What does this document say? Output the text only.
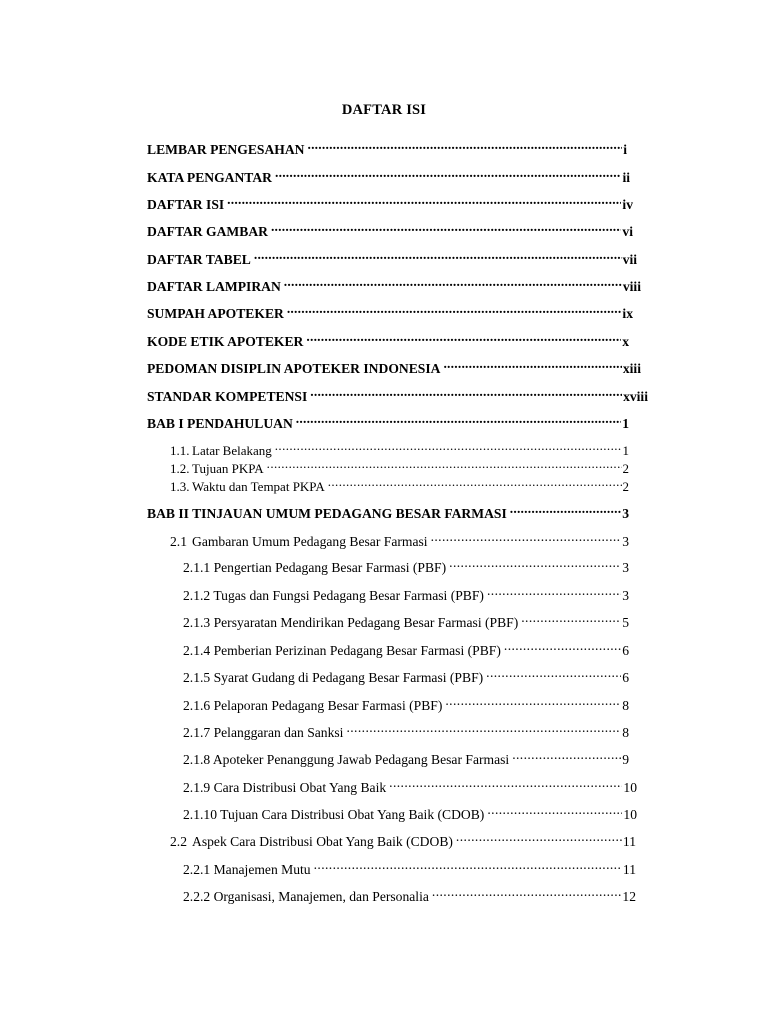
DAFTAR ISI
LEMBAR PENGESAHAN .....	i
KATA PENGANTAR .....	ii
DAFTAR ISI .....	iv
DAFTAR GAMBAR .....	vi
DAFTAR TABEL .....	vii
DAFTAR LAMPIRAN .....	viii
SUMPAH APOTEKER .....	ix
KODE ETIK APOTEKER .....	x
PEDOMAN DISIPLIN APOTEKER INDONESIA .....	xiii
STANDAR KOMPETENSI .....	xviii
BAB I PENDAHULUAN .....	1
1.1. Latar Belakang .....	1
1.2. Tujuan PKPA .....	2
1.3. Waktu dan Tempat PKPA .....	2
BAB II TINJAUAN UMUM PEDAGANG BESAR FARMASI .....	3
2.1 Gambaran Umum Pedagang Besar Farmasi .....	3
2.1.1 Pengertian Pedagang Besar Farmasi (PBF) .....	3
2.1.2 Tugas dan Fungsi Pedagang Besar Farmasi (PBF) .....	3
2.1.3 Persyaratan Mendirikan Pedagang Besar Farmasi (PBF) .....	5
2.1.4 Pemberian Perizinan Pedagang Besar Farmasi (PBF) .....	6
2.1.5 Syarat Gudang di Pedagang Besar Farmasi (PBF) .....	6
2.1.6 Pelaporan Pedagang Besar Farmasi (PBF) .....	8
2.1.7 Pelanggaran dan Sanksi .....	8
2.1.8 Apoteker Penanggung Jawab Pedagang Besar Farmasi .....	9
2.1.9 Cara Distribusi Obat Yang Baik .....	10
2.1.10 Tujuan Cara Distribusi Obat Yang Baik (CDOB) .....	10
2.2 Aspek Cara Distribusi Obat Yang Baik (CDOB) .....	11
2.2.1 Manajemen Mutu .....	11
2.2.2 Organisasi, Manajemen, dan Personalia .....	12
